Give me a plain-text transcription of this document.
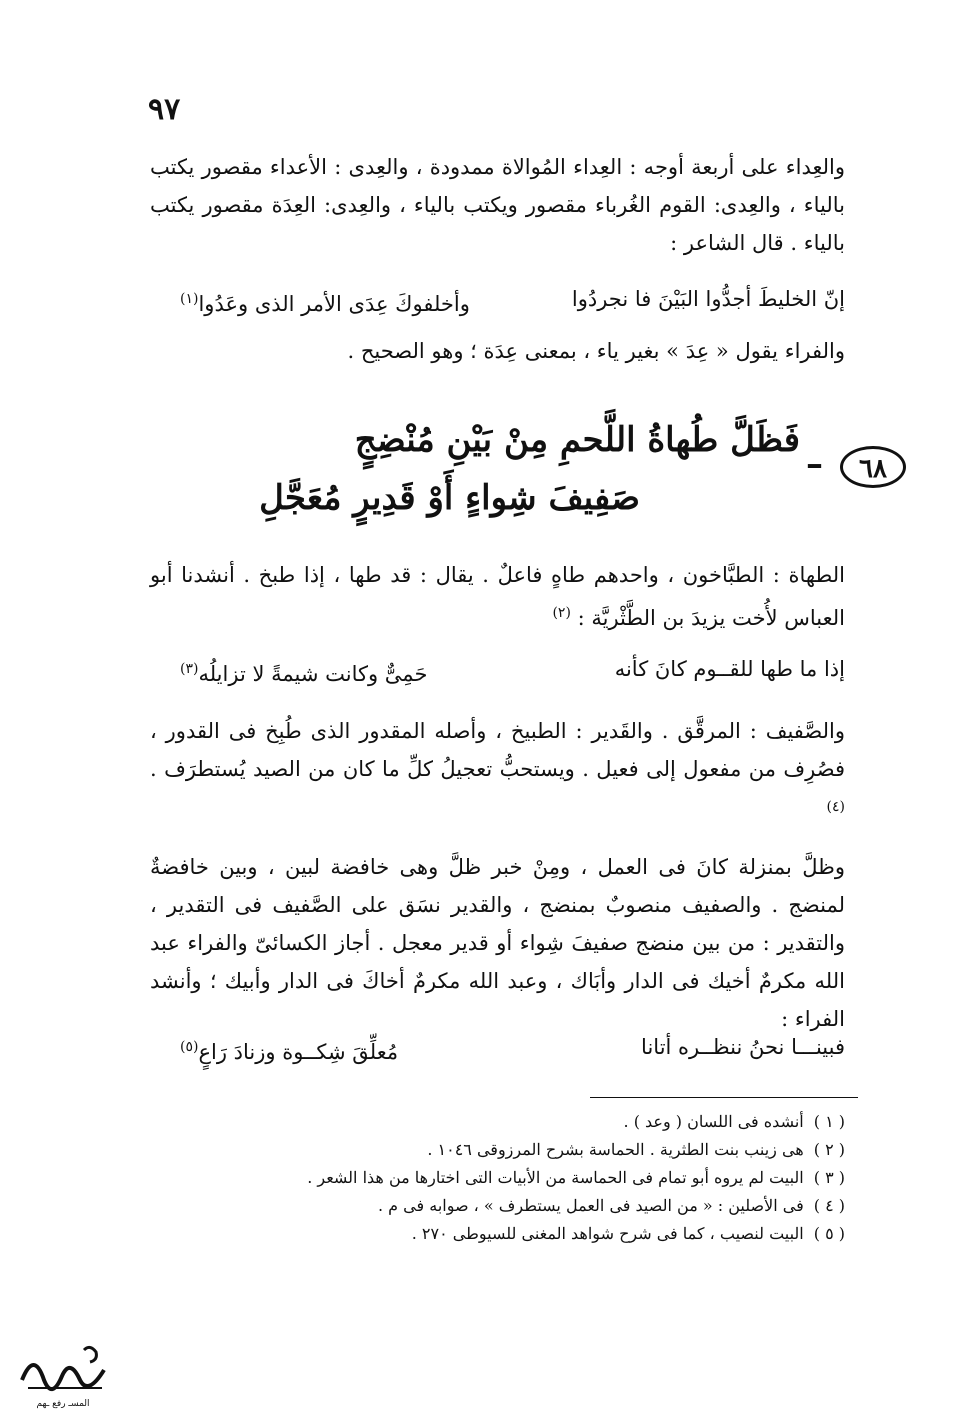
٩٧
والعِداء على أربعة أوجه : العِداء المُوالاة ممدودة ، والعِدى : الأعداء مقصور يكتب بالياء ، والعِدى: القوم الغُرباء مقصور ويكتب بالياء ، والعِدى: العِدَة مقصور يكتب بالياء . قال الشاعر :
إنّ الخليطَ أجدُّوا البَيْنَ فا نجردُوا
وأخلفوكَ عِدَى الأمر الذى وعَدُوا$^{(١)}$
والفراء يقول « عِدَ » بغير ياء ، بمعنى عِدَة ؛ وهو الصحيح .
٦٨
–
فَظَلَّ طُهاةُ اللَّحمِ مِنْ بَيْنِ مُنْضِجٍ
صَفِيفَ شِواءٍ أَوْ قَدِيرٍ مُعَجَّلِ
الطهاة : الطبَّاخون ، واحدهم طاهٍ فاعلٌ . يقال : قد طها ، إذا طبخ . أنشدنا أبو العباس لأُخت يزيدَ بن الطَّثْريَّة : $^{(٢)}$
إذا ما طها للقــوم كانَ كأنه
حَمِىٌّ وكانت شيمةً لا تزايلُه$^{(٣)}$
والصَّفيف : المرقَّق . والقَدير : الطبيخ ، وأصله المقدور الذى طُبِخ فى القدور ، فصُرِف من مفعول إلى فعيل . ويستحبُّ تعجيلُ كلِّ ما كان من الصيد يُستطرَف .$^{(٤)}$
وظلَّ بمنزلة كانَ فى العمل ، ومِنْ خبر ظلَّ وهى خافضة لبين ، وبين خافضةٌ لمنضج . والصفيف منصوبٌ بمنضج ، والقدير نسَق على الصَّفيف فى التقدير ، والتقدير : من بين منضج صفيفَ شِواء أو قدير معجل . أجاز الكسائىّ والفراء عبد الله مكرمٌ أخيك فى الدار وأبَاك ، وعبد الله مكرمٌ أخاكَ فى الدار وأبيك ؛ وأنشد الفراء :
فبينـــا نحنُ ننظــره أتانا
مُعلِّقَ شِكــوة وزنادَ رَاعٍ$^{(٥)}$
( ١ )أنشده فى اللسان ( وعد ) .
( ٢ )هى زينب بنت الطثرية . الحماسة بشرح المرزوقى ١٠٤٦ .
( ٣ )البيت لم يروه أبو تمام فى الحماسة من الأبيات التى اختارها من هذا الشعر .
( ٤ )فى الأصلين : « من الصيد فى العمل يستطرف » ، صوابه فى م .
( ٥ )البيت لنصيب ، كما فى شرح شواهد المغنى للسيوطى ٢٧٠ .
المسـ رفع ـهم
